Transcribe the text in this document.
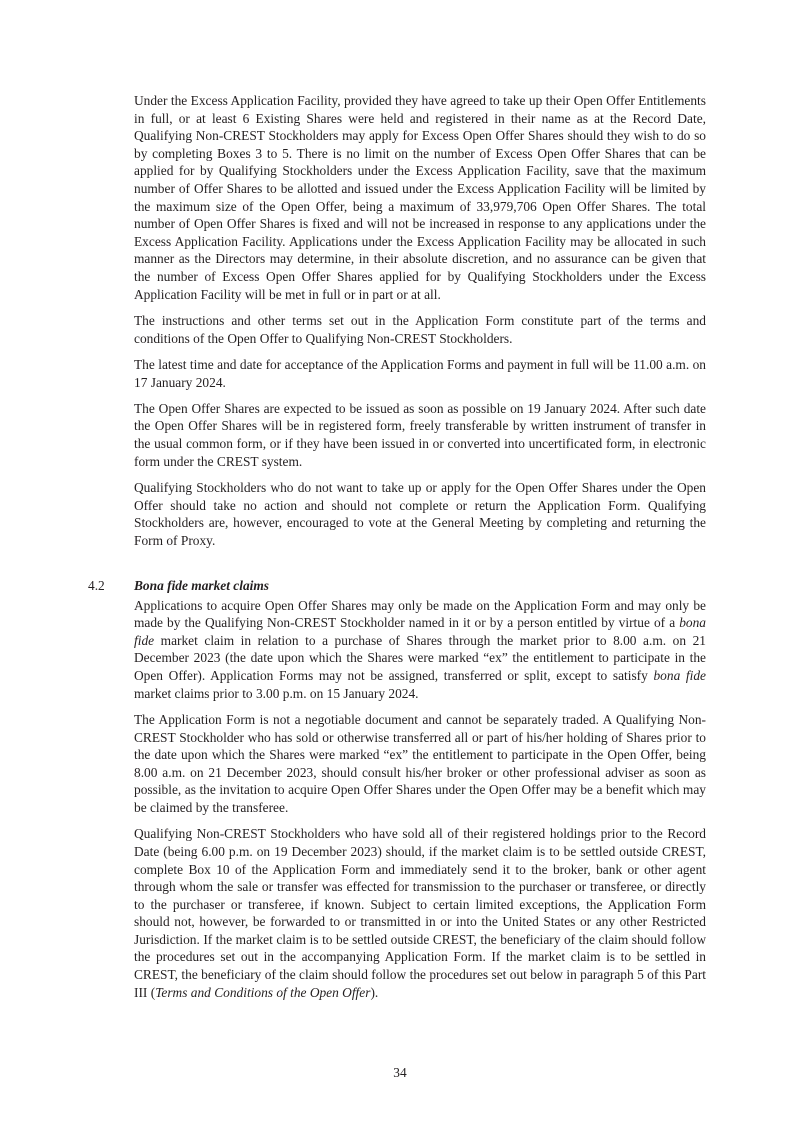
Under the Excess Application Facility, provided they have agreed to take up their Open Offer Entitlements in full, or at least 6 Existing Shares were held and registered in their name as at the Record Date, Qualifying Non-CREST Stockholders may apply for Excess Open Offer Shares should they wish to do so by completing Boxes 3 to 5. There is no limit on the number of Excess Open Offer Shares that can be applied for by Qualifying Stockholders under the Excess Application Facility, save that the maximum number of Offer Shares to be allotted and issued under the Excess Application Facility will be limited by the maximum size of the Open Offer, being a maximum of 33,979,706 Open Offer Shares. The total number of Open Offer Shares is fixed and will not be increased in response to any applications under the Excess Application Facility. Applications under the Excess Application Facility may be allocated in such manner as the Directors may determine, in their absolute discretion, and no assurance can be given that the number of Excess Open Offer Shares applied for by Qualifying Stockholders under the Excess Application Facility will be met in full or in part or at all.

The instructions and other terms set out in the Application Form constitute part of the terms and conditions of the Open Offer to Qualifying Non-CREST Stockholders.

The latest time and date for acceptance of the Application Forms and payment in full will be 11.00 a.m. on 17 January 2024.

The Open Offer Shares are expected to be issued as soon as possible on 19 January 2024. After such date the Open Offer Shares will be in registered form, freely transferable by written instrument of transfer in the usual common form, or if they have been issued in or converted into uncertificated form, in electronic form under the CREST system.

Qualifying Stockholders who do not want to take up or apply for the Open Offer Shares under the Open Offer should take no action and should not complete or return the Application Form. Qualifying Stockholders are, however, encouraged to vote at the General Meeting by completing and returning the Form of Proxy.

4.2	Bona fide market claims

Applications to acquire Open Offer Shares may only be made on the Application Form and may only be made by the Qualifying Non-CREST Stockholder named in it or by a person entitled by virtue of a bona fide market claim in relation to a purchase of Shares through the market prior to 8.00 a.m. on 21 December 2023 (the date upon which the Shares were marked “ex” the entitlement to participate in the Open Offer). Application Forms may not be assigned, transferred or split, except to satisfy bona fide market claims prior to 3.00 p.m. on 15 January 2024.

The Application Form is not a negotiable document and cannot be separately traded. A Qualifying Non-CREST Stockholder who has sold or otherwise transferred all or part of his/her holding of Shares prior to the date upon which the Shares were marked “ex” the entitlement to participate in the Open Offer, being 8.00 a.m. on 21 December 2023, should consult his/her broker or other professional adviser as soon as possible, as the invitation to acquire Open Offer Shares under the Open Offer may be a benefit which may be claimed by the transferee.

Qualifying Non-CREST Stockholders who have sold all of their registered holdings prior to the Record Date (being 6.00 p.m. on 19 December 2023) should, if the market claim is to be settled outside CREST, complete Box 10 of the Application Form and immediately send it to the broker, bank or other agent through whom the sale or transfer was effected for transmission to the purchaser or transferee, or directly to the purchaser or transferee, if known. Subject to certain limited exceptions, the Application Form should not, however, be forwarded to or transmitted in or into the United States or any other Restricted Jurisdiction. If the market claim is to be settled outside CREST, the beneficiary of the claim should follow the procedures set out in the accompanying Application Form. If the market claim is to be settled in CREST, the beneficiary of the claim should follow the procedures set out below in paragraph 5 of this Part III (Terms and Conditions of the Open Offer).

34
